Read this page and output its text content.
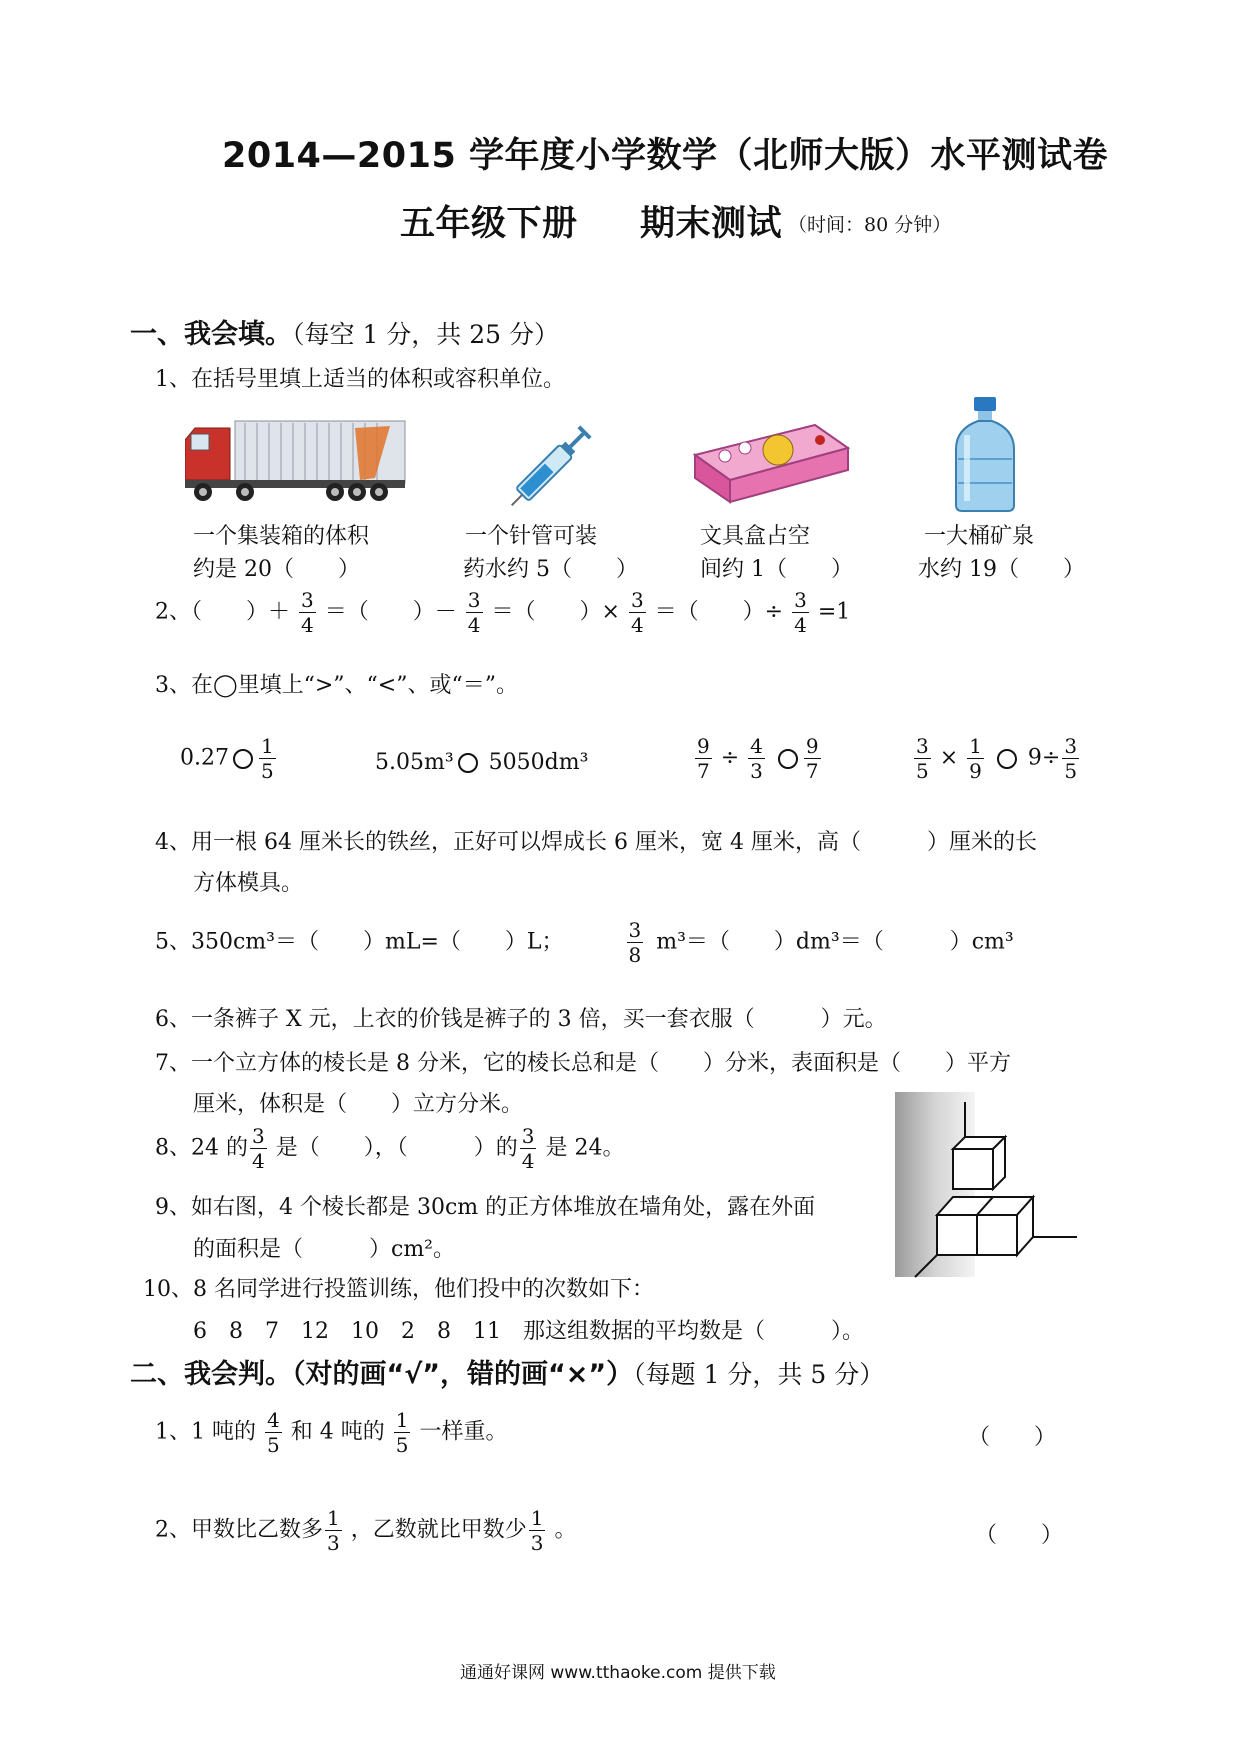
2014—2015 学年度小学数学（北师大版）水平测试卷
五年级下册 期末测试 （时间：80 分钟）
一、我会填。（每空 1 分，共 25 分）
1、在括号里填上适当的体积或容积单位。
一个集装箱的体积
约是 20（　　）
一个针管可装
药水约 5（　　）
文具盒占空
间约 1（　　）
一大桶矿泉
水约 19（　　）
2、（　　）＋ $\frac{3}{4}$ ＝（　　）－ $\frac{3}{4}$ ＝（　　）× $\frac{3}{4}$ ＝（　　）÷ $\frac{3}{4} =1$
3、在◯里填上“>”、“<”、或“＝”。
$0.27 \frac{1}{5}$	5.05m³ 5050dm³	$\frac{9}{7} \div \frac{4}{3}$
$\frac{9}{7}$	$\frac{3}{5} \times \frac{1}{9} 9\div \frac{3}{5}$
4、用一根 64 厘米长的铁丝，正好可以焊成长 6 厘米，宽 4 厘米，高（　　　）厘米的长
方体模具。
5、350cm³＝（　　）mL=（　　）L；	$\frac{3}{8} m^3=$（　　）dm³＝（　　　）cm³
6、一条裤子 X 元，上衣的价钱是裤子的 3 倍，买一套衣服（　　　）元。
7、一个立方体的棱长是 8 分米，它的棱长总和是（　　）分米，表面积是（　　）平方
厘米，体积是（　　）立方分米。
8、24 的 $\frac{3}{4}$ 是（　　），（　　　）的 $\frac{3}{4}$ 是 24。
9、如右图，4 个棱长都是 30cm 的正方体堆放在墙角处，露在外面
的面积是（　　　）cm²。
10、8 名同学进行投篮训练，他们投中的次数如下：
6　8　7　12　10　2　8　11　那这组数据的平均数是（　　　）。
二、我会判。（对的画“√”，错的画“×”）（每题 1 分，共 5 分）
1、1 吨的 $\frac{4}{5}$ 和 4 吨的 $\frac{1}{5}$ 一样重。	（　　）
2、甲数比乙数多 $\frac{1}{3}$ ，乙数就比甲数少 $\frac{1}{3}$ 。	（　　）
通通好课网 www.tthaoke.com 提供下载
